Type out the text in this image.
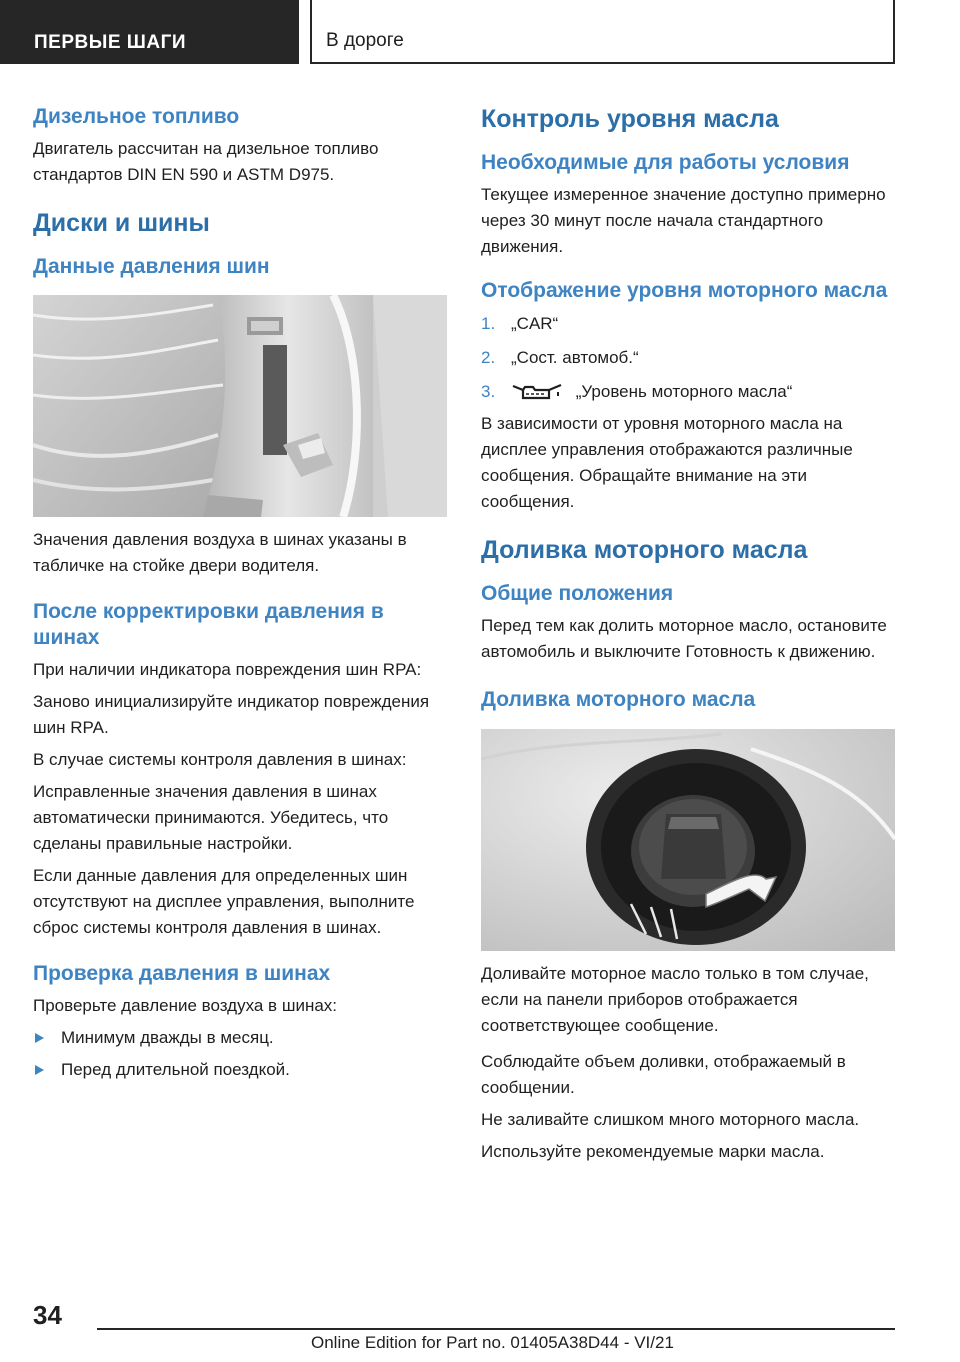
ПЕРВЫЕ ШАГИ	В дороге
Дизельное топливо
Двигатель рассчитан на дизельное топливо стандартов DIN EN 590 и ASTM D975.
Диски и шины
Данные давления шин
Значения давления воздуха в шинах указаны в табличке на стойке двери водителя.
После корректировки давления в шинах
При наличии индикатора повреждения шин RPA:
Заново инициализируйте индикатор повреждения шин RPA.
В случае системы контроля давления в шинах:
Исправленные значения давления в шинах автоматически принимаются. Убедитесь, что сделаны правильные настройки.
Если данные давления для определенных шин отсутствуют на дисплее управления, выполните сброс системы контроля давления в шинах.
Проверка давления в шинах
Проверьте давление воздуха в шинах:
Минимум дважды в месяц.
Перед длительной поездкой.
Контроль уровня масла
Необходимые для работы условия
Текущее измеренное значение доступно примерно через 30 минут после начала стандартного движения.
Отображение уровня моторного масла
1. „CAR“
2. „Сост. автомоб.“
3.	„Уровень моторного масла“
В зависимости от уровня моторного масла на дисплее управления отображаются различные сообщения. Обращайте внимание на эти сообщения.
Доливка моторного масла
Общие положения
Перед тем как долить моторное масло, остановите автомобиль и выключите Готовность к движению.
Доливка моторного масла
Доливайте моторное масло только в том случае, если на панели приборов отображается соответствующее сообщение.
Соблюдайте объем доливки, отображаемый в сообщении.
Не заливайте слишком много моторного масла.
Используйте рекомендуемые марки масла.
34
Online Edition for Part no. 01405A38D44 - VI/21
